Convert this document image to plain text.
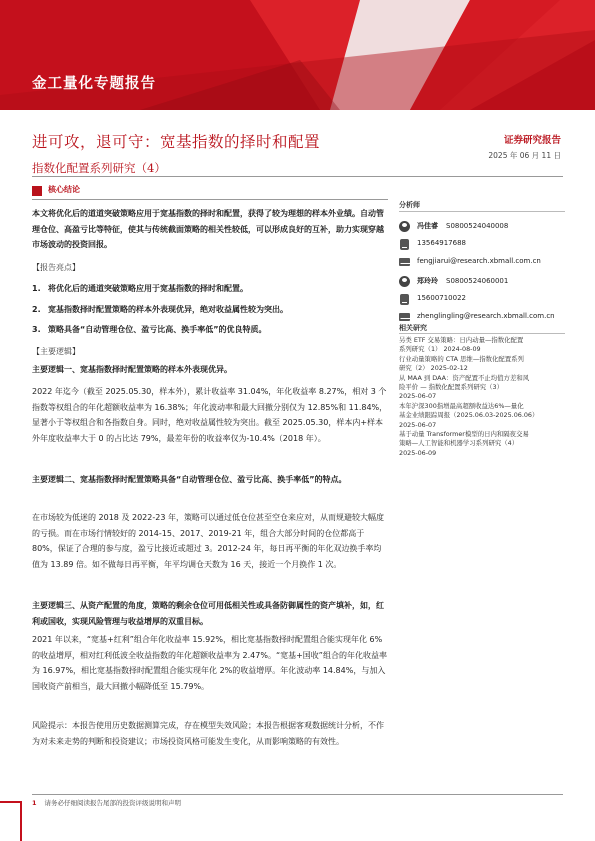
金工量化专题报告
进可攻，退可守：宽基指数的择时和配置
指数化配置系列研究（4）
证券研究报告
2025 年 06 月 11 日
核心结论
本文将优化后的道道突破策略应用于宽基指数的择时和配置，获得了较为理想的样本外业绩。自动管理仓位、高盈亏比等特征，使其与传统截面策略的相关性较低，可以形成良好的互补，助力实现穿越市场波动的投资回报。
【报告亮点】
1. 将优化后的通道突破策略应用于宽基指数的择时和配置。
2. 宽基指数择时配置策略的样本外表现优异，绝对收益属性较为突出。
3. 策略具备“自动管理仓位、盈亏比高、换手率低”的优良特质。
【主要逻辑】
主要逻辑一、宽基指数择时配置策略的样本外表现优异。
2022 年迄今（截至 2025.05.30，样本外），累计收益率 31.04%，年化收益率 8.27%，相对 3 个指数等权组合的年化超额收益率为 16.38%；年化波动率和最大回撤分别仅为 12.85%和 11.84%，显著小于等权组合和各指数自身。同时，绝对收益属性较为突出。截至 2025.05.30，样本内+样本外年度收益率大于 0 的占比达 79%，最差年份的收益率仅为-10.4%（2018 年）。
主要逻辑二、宽基指数择时配置策略具备“自动管理仓位、盈亏比高、换手率低”的特点。
在市场较为低迷的 2018 及 2022-23 年，策略可以通过低仓位甚至空仓来应对，从而规避较大幅度的亏损。而在市场行情较好的 2014-15、2017、2019-21 年，组合大部分时间的仓位都高于 80%，保证了合理的参与度，盈亏比接近或超过 3。2012-24 年，每日再平衡的年化双边换手率均值为 13.89 倍。如不做每日再平衡，年平均调仓天数为 16 天，接近一个月换作 1 次。
主要逻辑三、从资产配置的角度，策略的剩余仓位可用低相关性或具备防御属性的资产填补，如，红利或国收，实现风险管理与收益增厚的双重目标。
2021 年以来，“宽基+红利”组合年化收益率 15.92%，相比宽基指数择时配置组合能实现年化 6%的收益增厚，相对红利低波全收益指数的年化超额收益率为 2.47%。“宽基+国收”组合的年化收益率为 16.97%，相比宽基指数择时配置组合能实现年化 2%的收益增厚。年化波动率 14.84%，与加入国收资产前相当，最大回撤小幅降低至 15.79%。
风险提示：本报告使用历史数据测算完成，存在模型失效风险；本报告根据客观数据统计分析，不作为对未来走势的判断和投资建议；市场投资风格可能发生变化，从而影响策略的有效性。
分析师
冯佳睿 S0800524040008
13564917688
fengjiarui@research.xbmall.com.cn
郑玲玲 S0800524060001
15600710022
zhenglingling@research.xbmall.com.cn
相关研究
另类 ETF 交易策略：日内动量—指数化配置
系列研究（1） 2024-08-09
行业动量策略的 CTA 思维—指数化配置系列
研究（2） 2025-02-12
从 MAA 到 DAA：资产配置不止均值方差和风
险平价 — 指数化配置系列研究（3）
2025-06-07
本年沪深300指增最高超额收益达6%—量化
基金业绩跟踪周报（2025.06.03-2025.06.06）
2025-06-07
基于动量 Transformer模型的日内和隔夜交易
策略—人工智能和机器学习系列研究（4）
2025-06-09
1 请务必仔细阅读报告尾部的投资评级说明和声明
